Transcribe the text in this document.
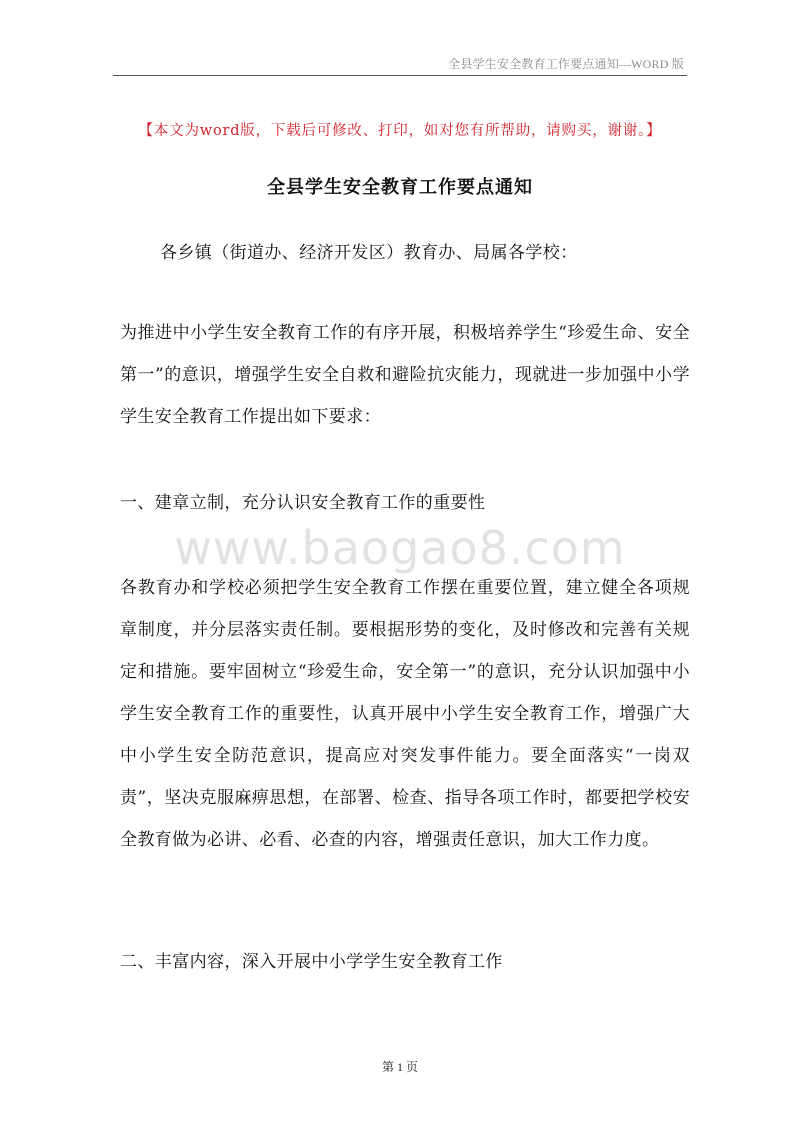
全县学生安全教育工作要点通知—WORD 版
【本文为word版，下载后可修改、打印，如对您有所帮助，请购买，谢谢。】
全县学生安全教育工作要点通知
各乡镇（街道办、经济开发区）教育办、局属各学校：
为推进中小学生安全教育工作的有序开展，积极培养学生“珍爱生命、安全第一”的意识，增强学生安全自救和避险抗灾能力，现就进一步加强中小学学生安全教育工作提出如下要求：
一、建章立制，充分认识安全教育工作的重要性
www.baogao8.com
各教育办和学校必须把学生安全教育工作摆在重要位置，建立健全各项规章制度，并分层落实责任制。要根据形势的变化，及时修改和完善有关规定和措施。要牢固树立“珍爱生命，安全第一”的意识，充分认识加强中小学生安全教育工作的重要性，认真开展中小学生安全教育工作，增强广大中小学生安全防范意识，提高应对突发事件能力。要全面落实“一岗双责”，坚决克服麻痹思想，在部署、检查、指导各项工作时，都要把学校安全教育做为必讲、必看、必查的内容，增强责任意识，加大工作力度。
二、丰富内容，深入开展中小学学生安全教育工作
第 1 页
